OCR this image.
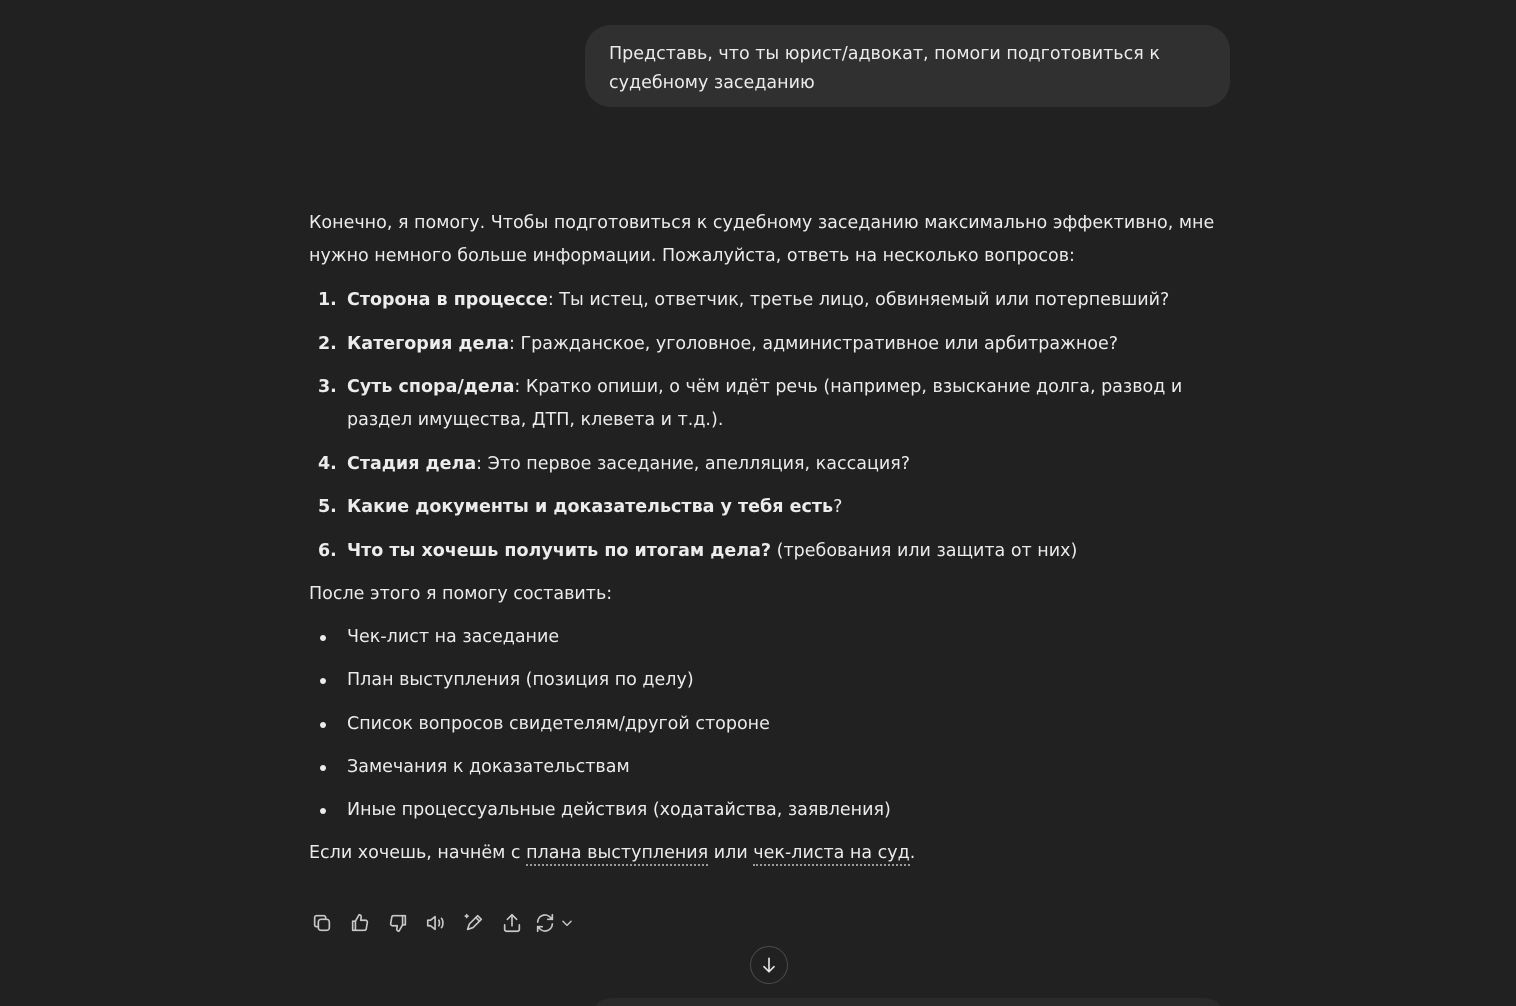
Представь, что ты юрист/адвокат, помоги подготовиться к
судебному заседанию

Конечно, я помогу. Чтобы подготовиться к судебному заседанию максимально эффективно, мне нужно немного больше информации. Пожалуйста, ответь на несколько вопросов:

1. Сторона в процессе: Ты истец, ответчик, третье лицо, обвиняемый или потерпевший?
2. Категория дела: Гражданское, уголовное, административное или арбитражное?
3. Суть спора/дела: Кратко опиши, о чём идёт речь (например, взыскание долга, развод и раздел имущества, ДТП, клевета и т.д.).
4. Стадия дела: Это первое заседание, апелляция, кассация?
5. Какие документы и доказательства у тебя есть?
6. Что ты хочешь получить по итогам дела? (требования или защита от них)

После этого я помогу составить:

Чек-лист на заседание
План выступления (позиция по делу)
Список вопросов свидетелям/другой стороне
Замечания к доказательствам
Иные процессуальные действия (ходатайства, заявления)

Если хочешь, начнём с плана выступления или чек-листа на суд.
